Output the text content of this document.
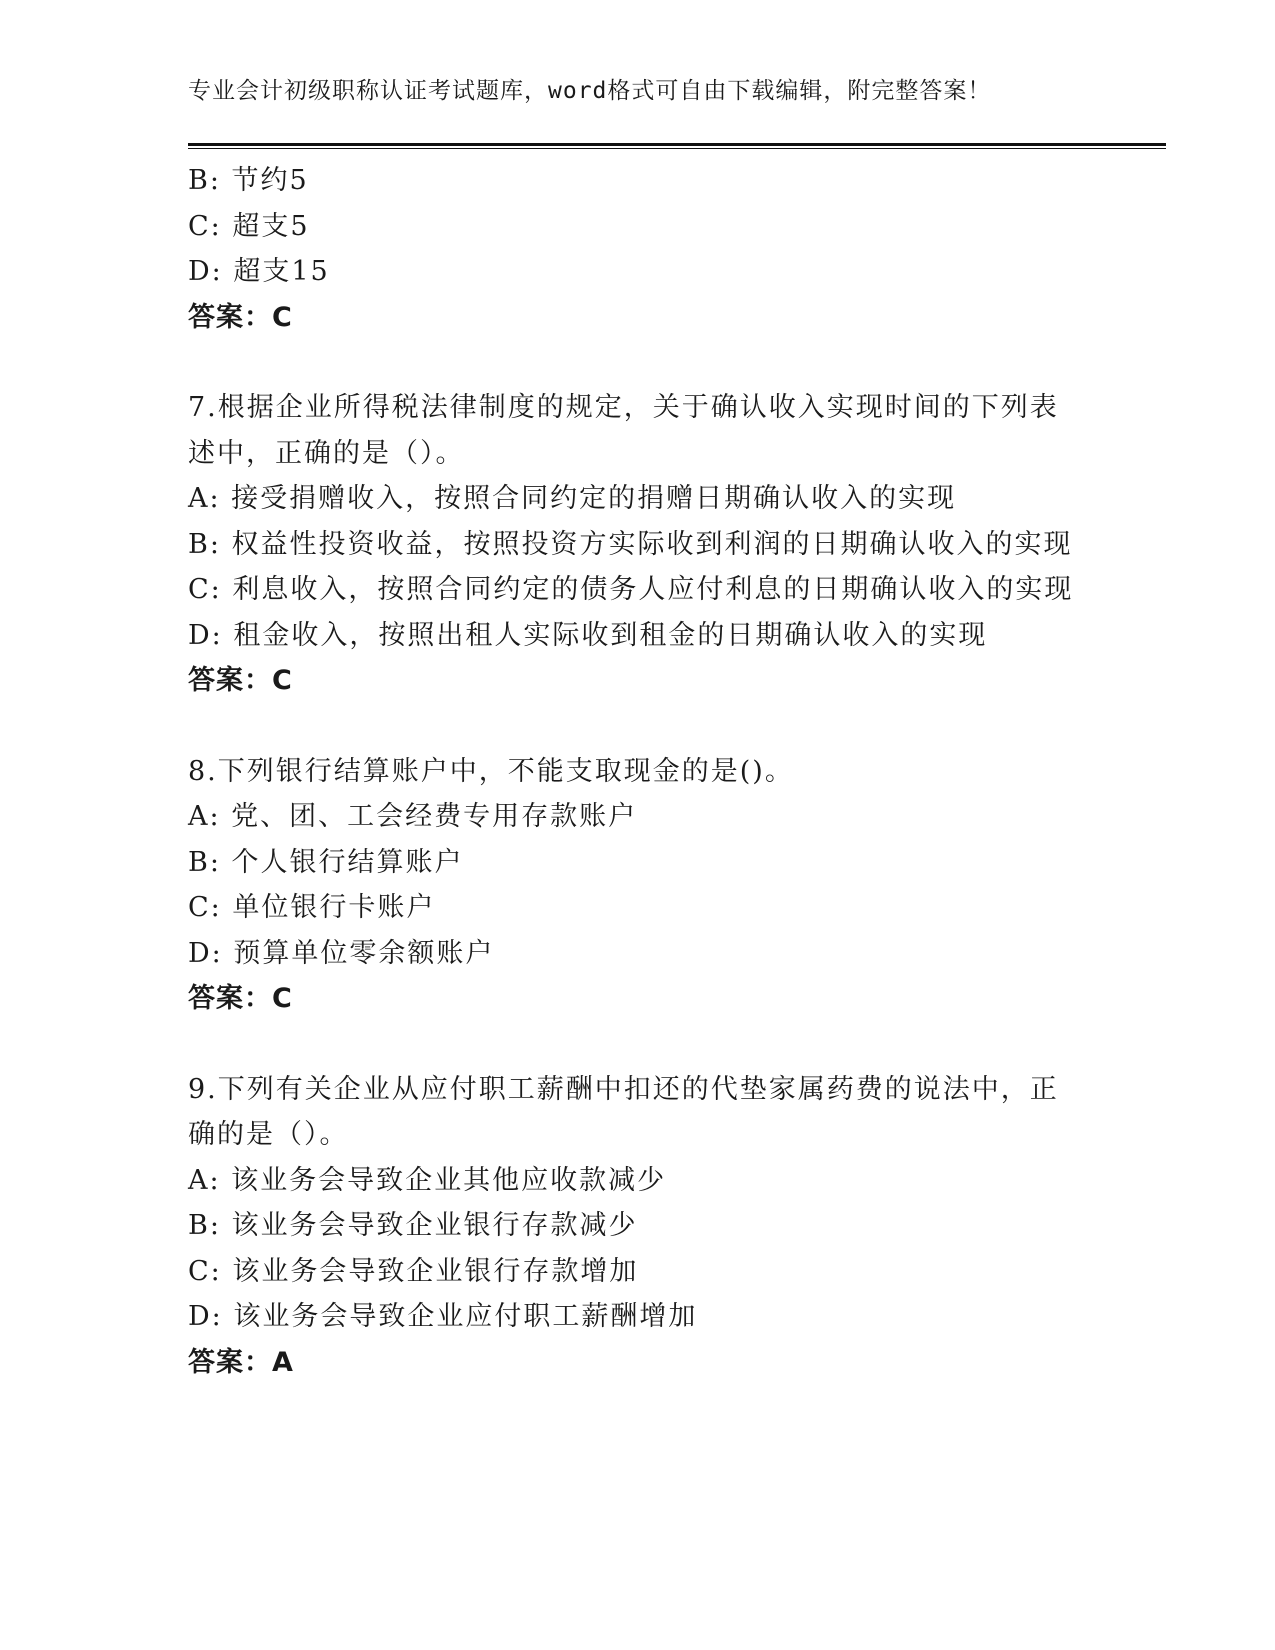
专业会计初级职称认证考试题库，word格式可自由下载编辑，附完整答案！
B: 节约5
C: 超支5
D: 超支15
答案：C
7.根据企业所得税法律制度的规定，关于确认收入实现时间的下列表
述中，正确的是（）。
A: 接受捐赠收入，按照合同约定的捐赠日期确认收入的实现
B: 权益性投资收益，按照投资方实际收到利润的日期确认收入的实现
C: 利息收入，按照合同约定的债务人应付利息的日期确认收入的实现
D: 租金收入，按照出租人实际收到租金的日期确认收入的实现
答案：C
8.下列银行结算账户中，不能支取现金的是()。
A: 党、团、工会经费专用存款账户
B: 个人银行结算账户
C: 单位银行卡账户
D: 预算单位零余额账户
答案：C
9.下列有关企业从应付职工薪酬中扣还的代垫家属药费的说法中，正
确的是（）。
A: 该业务会导致企业其他应收款减少
B: 该业务会导致企业银行存款减少
C: 该业务会导致企业银行存款增加
D: 该业务会导致企业应付职工薪酬增加
答案：A
